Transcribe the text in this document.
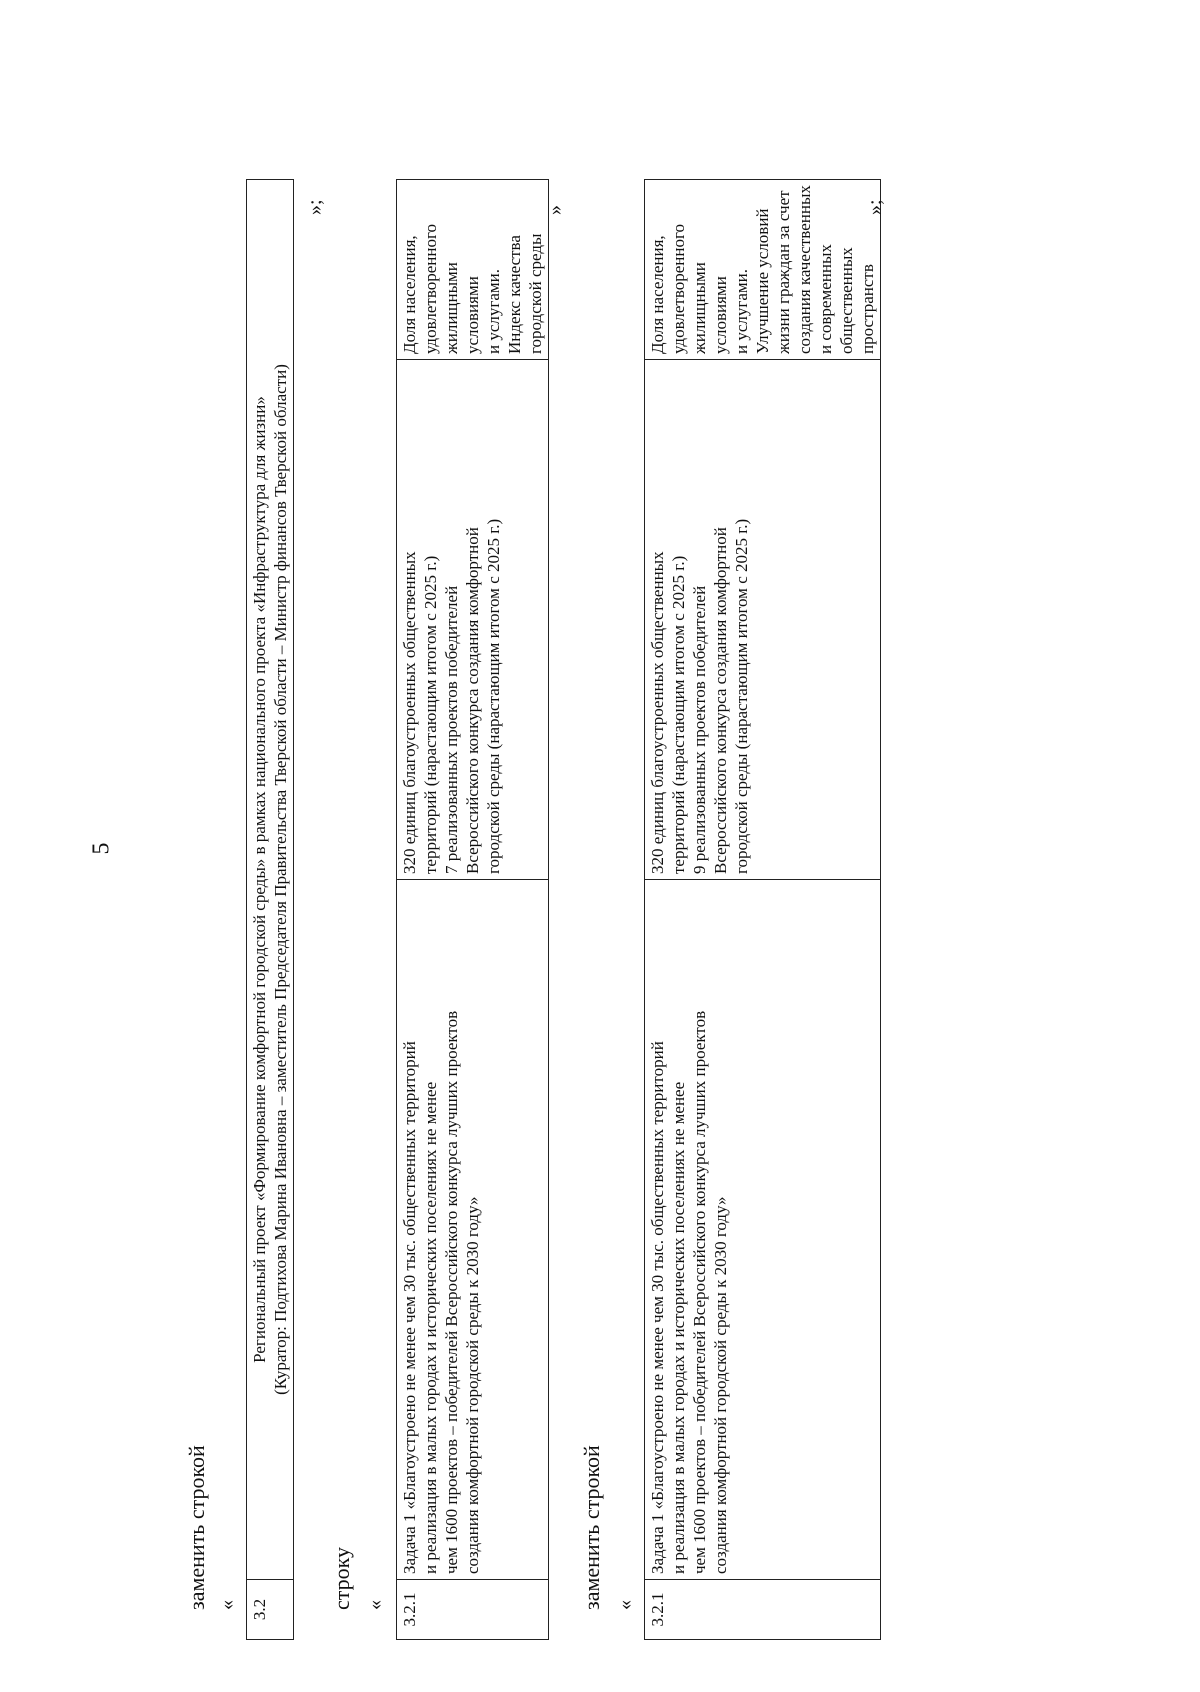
5
заменить строкой « 3.2	
Региональный проект «Формирование комфортной городской среды» в рамках национального проекта «Инфраструктура для жизни» (Куратор: Подтихова Марина Ивановна – заместитель Председателя Правительства Тверской области – Министр финансов Тверской области)
»;
строку « 3.2.1	Задача 1 «Благоустроено не менее чем 30 тыс. общественных территорий
и реализация в малых городах и исторических поселениях не менее
чем 1600 проектов – победителей Всероссийского конкурса лучших проектов
создания комфортной городской среды к 2030 году»	320 единиц благоустроенных общественных
территорий (нарастающим итогом с 2025 г.)
7 реализованных проектов победителей
Всероссийского конкурса создания комфортной
городской среды (нарастающим итогом с 2025 г.)	Доля населения,
удовлетворенного
жилищными условиями
и услугами.
Индекс качества
городской среды
»
заменить строкой « 3.2.1	Задача 1 «Благоустроено не менее чем 30 тыс. общественных территорий
и реализация в малых городах и исторических поселениях не менее
чем 1600 проектов – победителей Всероссийского конкурса лучших проектов
создания комфортной городской среды к 2030 году»	320 единиц благоустроенных общественных
территорий (нарастающим итогом с 2025 г.)
9 реализованных проектов победителей
Всероссийского конкурса создания комфортной
городской среды (нарастающим итогом с 2025 г.)	Доля населения,
удовлетворенного
жилищными условиями
и услугами.
Улучшение условий
жизни граждан за счет
создания качественных
и современных
общественных
пространств
»;
